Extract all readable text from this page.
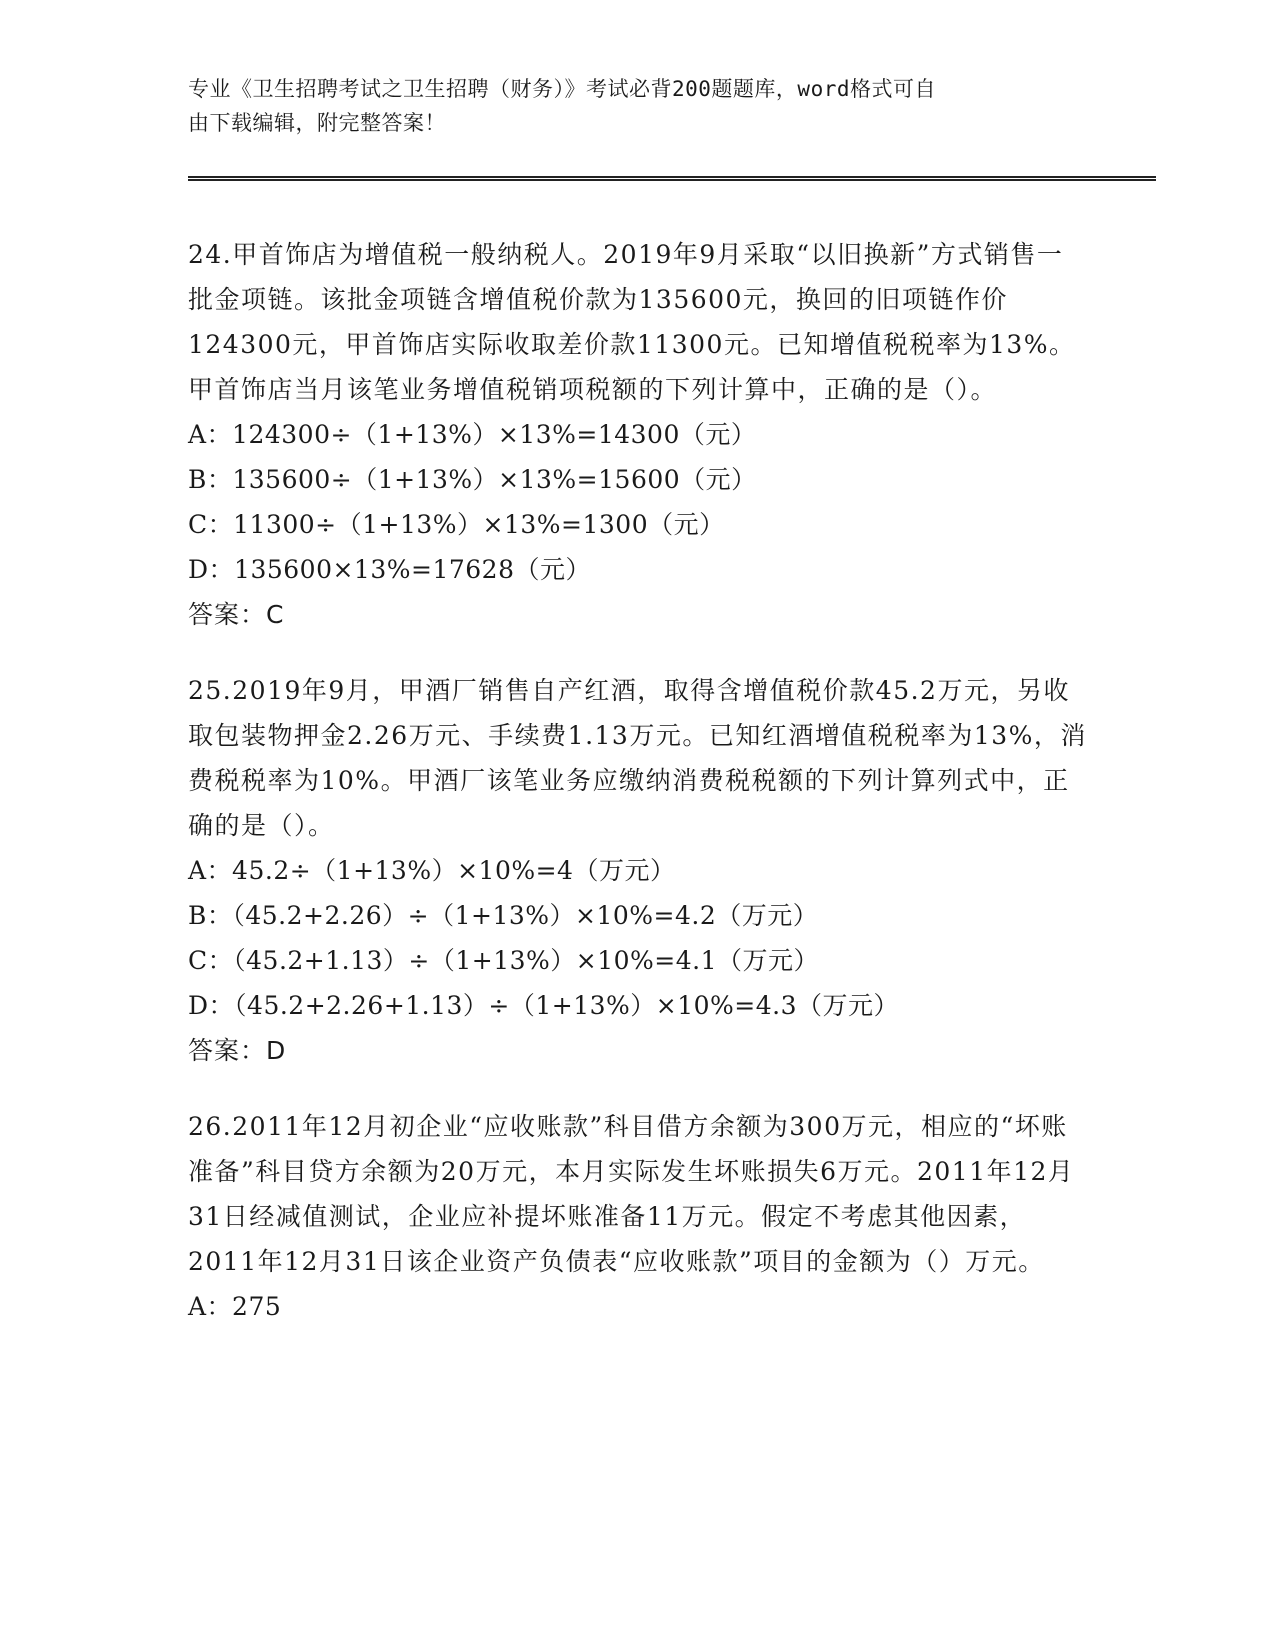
专业《卫生招聘考试之卫生招聘（财务）》考试必背200题题库，word格式可自
由下载编辑，附完整答案！

24.甲首饰店为增值税一般纳税人。2019年9月采取“以旧换新”方式销售一批金项链。该批金项链含增值税价款为135600元，换回的旧项链作价124300元，甲首饰店实际收取差价款11300元。已知增值税税率为13%。甲首饰店当月该笔业务增值税销项税额的下列计算中，正确的是（）。

A：124300÷（1+13%）×13%=14300（元）

B：135600÷（1+13%）×13%=15600（元）

C：11300÷（1+13%）×13%=1300（元）

D：135600×13%=17628（元）

答案：C

25.2019年9月，甲酒厂销售自产红酒，取得含增值税价款45.2万元，另收取包装物押金2.26万元、手续费1.13万元。已知红酒增值税税率为13%，消费税税率为10%。甲酒厂该笔业务应缴纳消费税税额的下列计算列式中，正确的是（）。

A：45.2÷（1+13%）×10%=4（万元）

B：（45.2+2.26）÷（1+13%）×10%=4.2（万元）

C：（45.2+1.13）÷（1+13%）×10%=4.1（万元）

D：（45.2+2.26+1.13）÷（1+13%）×10%=4.3（万元）

答案：D

26.2011年12月初企业“应收账款”科目借方余额为300万元，相应的“坏账准备”科目贷方余额为20万元，本月实际发生坏账损失6万元。2011年12月31日经减值测试，企业应补提坏账准备11万元。假定不考虑其他因素，2011年12月31日该企业资产负债表“应收账款”项目的金额为（）万元。

A：275
